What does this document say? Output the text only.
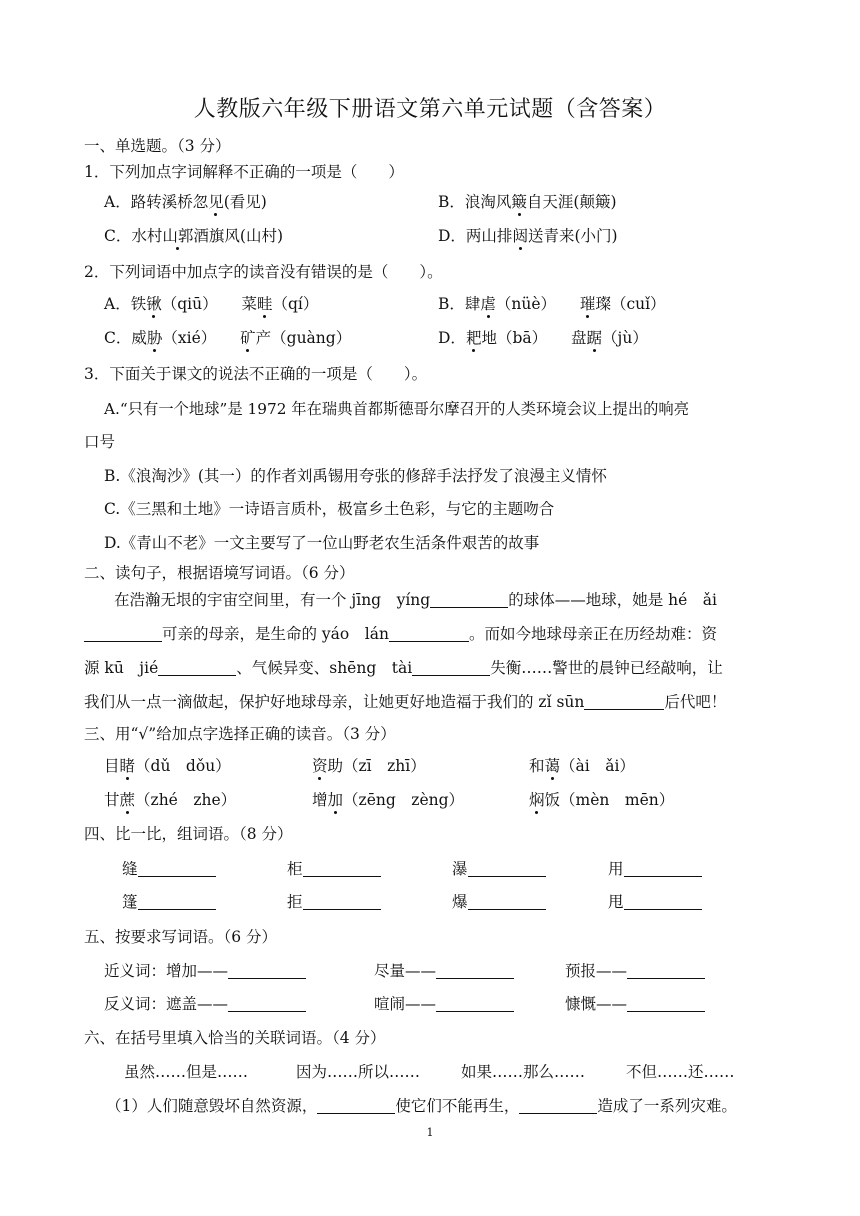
人教版六年级下册语文第六单元试题（含答案）
一、单选题。（3 分）
1．下列加点字词解释不正确的一项是（　　）
A．路转溪桥忽见(看见)	B．浪淘风簸自天涯(颠簸)
C．水村山郭酒旗风(山村)	D．两山排闼送青来(小门)
2．下列词语中加点字的读音没有错误的是（　　）。
A．铁锹（qiū） 菜畦（qí）	B．肆虐（nüè） 璀璨（cuǐ）
C．威胁（xié） 矿产（guàng）	D．耙地（bā） 盘踞（jù）
3．下面关于课文的说法不正确的一项是（　　）。
A.“只有一个地球”是 1972 年在瑞典首都斯德哥尔摩召开的人类环境会议上提出的响亮
口号
B.《浪淘沙》(其一）的作者刘禹锡用夸张的修辞手法抒发了浪漫主义情怀
C.《三黑和土地》一诗语言质朴，极富乡土色彩，与它的主题吻合
D.《青山不老》一文主要写了一位山野老农生活条件艰苦的故事
二、读句子，根据语境写词语。（6 分）
在浩瀚无垠的宇宙空间里，有一个 jīng　yíng	的球体——地球，她是 hé　ǎi
可亲的母亲，是生命的 yáo　lán	。而如今地球母亲正在历经劫难：资
源 kū　jié	、气候异变、shēng　tài	失衡……警世的晨钟已经敲响，让
我们从一点一滴做起，保护好地球母亲，让她更好地造福于我们的 zǐ sūn	后代吧！
三、用“√”给加点字选择正确的读音。（3 分）
目睹（dǔ　dǒu）	资助（zī　zhī）	和蔼（ài　ǎi）
甘蔗（zhé　zhe）	增加（zēng　zèng）	焖饭（mèn　mēn）
四、比一比，组词语。（8 分）
缝	柜	瀑	用
篷	拒	爆	甩
五、按要求写词语。（6 分）
近义词：增加——	尽量——	预报——
反义词：遮盖——	喧闹——	慷慨——
六、在括号里填入恰当的关联词语。（4 分）
虽然……但是……	因为……所以……	如果……那么……	不但……还……
（1）人们随意毁坏自然资源，	使它们不能再生，	造成了一系列灾难。
1
